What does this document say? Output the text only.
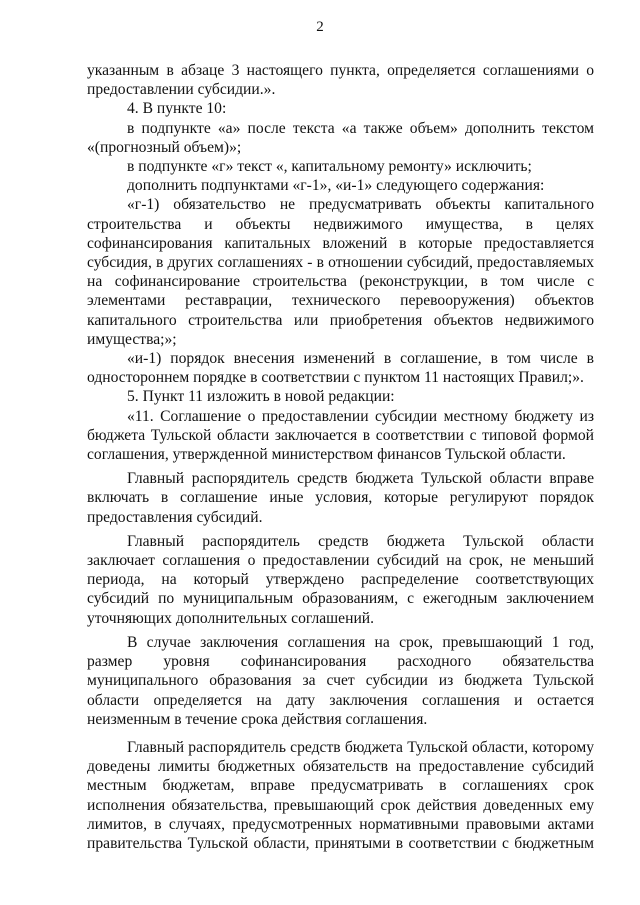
2

указанным в абзаце 3 настоящего пункта, определяется соглашениями о предоставлении субсидии.».

4. В пункте 10:

в подпункте «а» после текста «а также объем» дополнить текстом «(прогнозный объем)»;

в подпункте «г» текст «, капитальному ремонту» исключить;

дополнить подпунктами «г-1», «и-1» следующего содержания:

«г-1) обязательство не предусматривать объекты капитального строительства и объекты недвижимого имущества, в целях софинансирования капитальных вложений в которые предоставляется субсидия, в других соглашениях - в отношении субсидий, предоставляемых на софинансирование строительства (реконструкции, в том числе с элементами реставрации, технического перевооружения) объектов капитального строительства или приобретения объектов недвижимого имущества;»;

«и-1) порядок внесения изменений в соглашение, в том числе в одностороннем порядке в соответствии с пунктом 11 настоящих Правил;».

5. Пункт 11 изложить в новой редакции:

«11. Соглашение о предоставлении субсидии местному бюджету из бюджета Тульской области заключается в соответствии с типовой формой соглашения, утвержденной министерством финансов Тульской области.

Главный распорядитель средств бюджета Тульской области вправе включать в соглашение иные условия, которые регулируют порядок предоставления субсидий.

Главный распорядитель средств бюджета Тульской области заключает соглашения о предоставлении субсидий на срок, не меньший периода, на который утверждено распределение соответствующих субсидий по муниципальным образованиям, с ежегодным заключением уточняющих дополнительных соглашений.

В случае заключения соглашения на срок, превышающий 1 год, размер уровня софинансирования расходного обязательства муниципального образования за счет субсидии из бюджета Тульской области определяется на дату заключения соглашения и остается неизменным в течение срока действия соглашения.

Главный распорядитель средств бюджета Тульской области, которому доведены лимиты бюджетных обязательств на предоставление субсидий местным бюджетам, вправе предусматривать в соглашениях срок исполнения обязательства, превышающий срок действия доведенных ему лимитов, в случаях, предусмотренных нормативными правовыми актами правительства Тульской области, принятыми в соответствии с бюджетным
